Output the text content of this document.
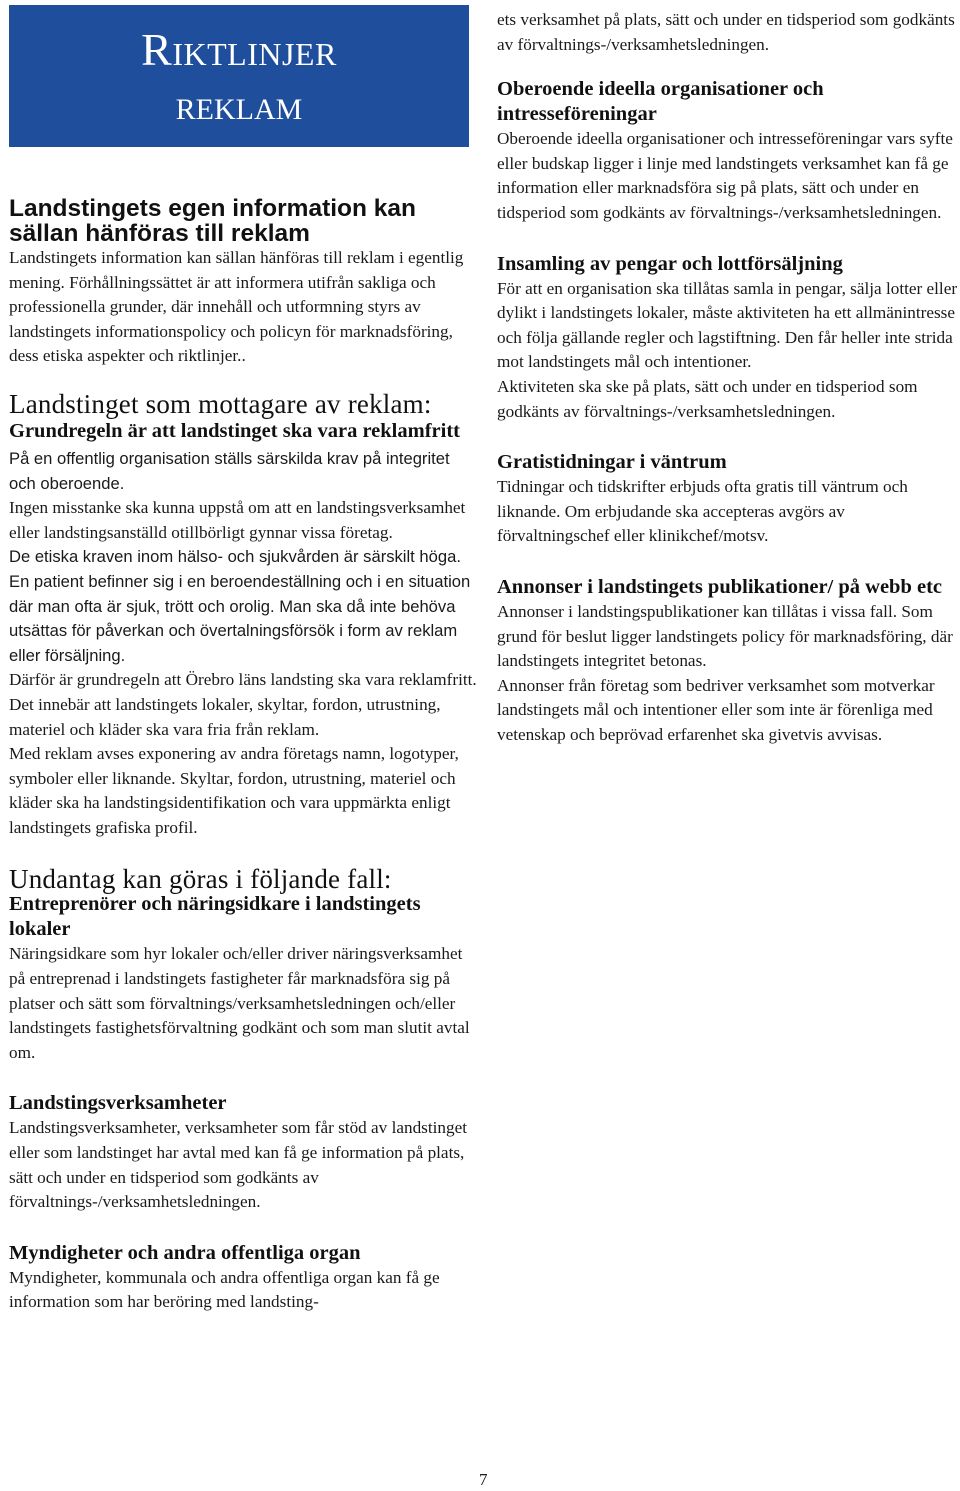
Riktlinjer
REKLAM
Landstingets egen information kan sällan hänföras till reklam

Landstingets information kan sällan hänföras till reklam i egentlig mening. Förhållningssättet är att informera utifrån sakliga och professionella grunder, där innehåll och utformning styrs av landstingets informationspolicy och policyn för marknadsföring, dess etiska aspekter och riktlinjer..

Landstinget som mottagare av reklam:
Grundregeln är att landstinget ska vara reklamfritt

På en offentlig organisation ställs särskilda krav på integritet och oberoende.

Ingen misstanke ska kunna uppstå om att en landstingsverksamhet eller landstingsanställd otillbörligt gynnar vissa företag.

De etiska kraven inom hälso- och sjukvården är särskilt höga. En patient befinner sig i en beroendeställning och i en situation där man ofta är sjuk, trött och orolig. Man ska då inte behöva utsättas för påverkan och övertalningsförsök i form av reklam eller försäljning.

Därför är grundregeln att Örebro läns landsting ska vara reklamfritt. Det innebär att landstingets lokaler, skyltar, fordon, utrustning, materiel och kläder ska vara fria från reklam.

Med reklam avses exponering av andra företags namn, logotyper, symboler eller liknande. Skyltar, fordon, utrustning, materiel och kläder ska ha landstingsidentifikation och vara uppmärkta enligt landstingets grafiska profil.

Undantag kan göras i följande fall:
Entreprenörer och näringsidkare i landstingets lokaler

Näringsidkare som hyr lokaler och/eller driver näringsverksamhet på entreprenad i landstingets fastigheter får marknadsföra sig på platser och sätt som förvaltnings/verksamhetsledningen och/eller landstingets fastighetsförvaltning godkänt och som man slutit avtal om.

Landstingsverksamheter

Landstingsverksamheter, verksamheter som får stöd av landstinget eller som landstinget har avtal med kan få ge information på plats, sätt och under en tidsperiod som godkänts av förvaltnings-/verksamhetsledningen.

Myndigheter och andra offentliga organ

Myndigheter, kommunala och andra offentliga organ kan få ge information som har beröring med landsting-

ets verksamhet på plats, sätt och under en tidsperiod som godkänts av förvaltnings-/verksamhetsledningen.

Oberoende ideella organisationer och intresseföreningar

Oberoende ideella organisationer och intresseföreningar vars syfte eller budskap ligger i linje med landstingets verksamhet kan få ge information eller marknadsföra sig på plats, sätt och under en tidsperiod som godkänts av förvaltnings-/verksamhetsledningen.

Insamling av pengar och lottförsäljning

För att en organisation ska tillåtas samla in pengar, sälja lotter eller dylikt i landstingets lokaler, måste aktiviteten ha ett allmänintresse och följa gällande regler och lagstiftning. Den får heller inte strida mot landstingets mål och intentioner.

Aktiviteten ska ske på plats, sätt och under en tidsperiod som godkänts av förvaltnings-/verksamhetsledningen.

Gratistidningar i väntrum

Tidningar och tidskrifter erbjuds ofta gratis till väntrum och liknande. Om erbjudande ska accepteras avgörs av förvaltningschef eller klinikchef/motsv.

Annonser i landstingets publikationer/ på webb etc

Annonser i landstingspublikationer kan tillåtas i vissa fall. Som grund för beslut ligger landstingets policy för marknadsföring, där landstingets integritet betonas.

Annonser från företag som bedriver verksamhet som motverkar landstingets mål och intentioner eller som inte är förenliga med vetenskap och beprövad erfarenhet ska givetvis avvisas.

7
